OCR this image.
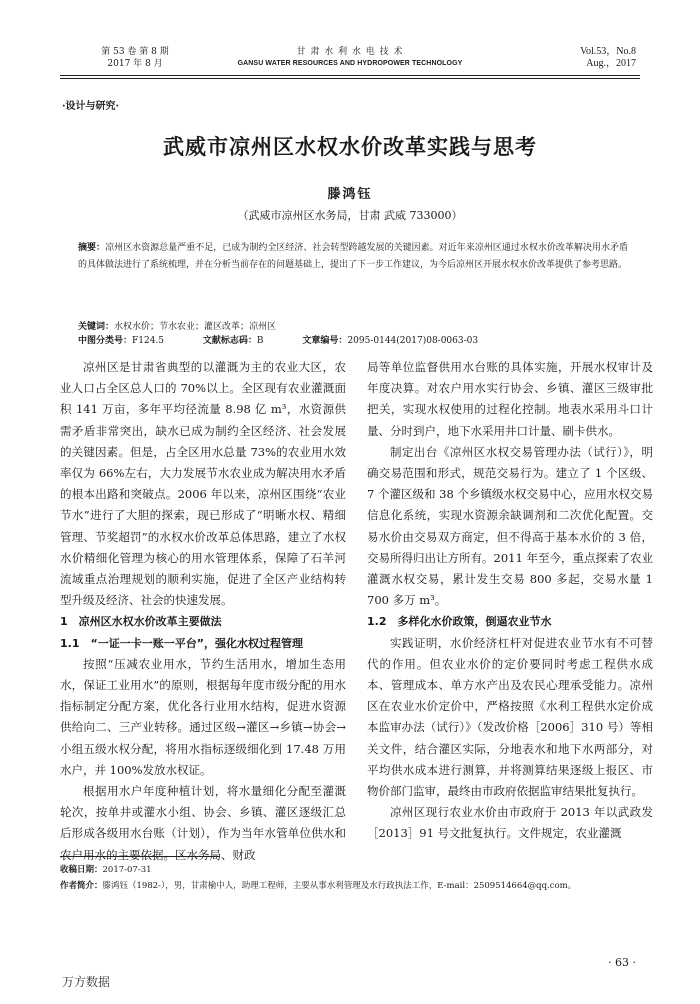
第 53 卷 第 8 期
2017 年 8 月
甘 肃 水 利 水 电 技 术
GANSU WATER RESOURCES AND HYDROPOWER TECHNOLOGY
Vol.53，No.8
Aug.，2017
·设计与研究·
武威市凉州区水权水价改革实践与思考
滕鸿钰
（武威市凉州区水务局，甘肃 武威 733000）

摘要：凉州区水资源总量严重不足，已成为制约全区经济、社会转型跨越发展的关键因素。对近年来凉州区通过水权水价改革解决用水矛盾的具体做法进行了系统梳理，并在分析当前存在的问题基础上，提出了下一步工作建议，为今后凉州区开展水权水价改革提供了参考思路。

关键词：水权水价；节水农业；灌区改革；凉州区
中图分类号：F124.5	文献标志码：B	文章编号：2095-0144(2017)08-0063-03

凉州区是甘肃省典型的以灌溉为主的农业大区，农业人口占全区总人口的 70%以上。全区现有农业灌溉面积 141 万亩，多年平均径流量 8.98 亿 m³，水资源供需矛盾非常突出，缺水已成为制约全区经济、社会发展的关键因素。但是，占全区用水总量 73%的农业用水效率仅为 66%左右，大力发展节水农业成为解决用水矛盾的根本出路和突破点。2006 年以来，凉州区围绕“农业节水”进行了大胆的探索，现已形成了“明晰水权、精细管理、节奖超罚”的水权水价改革总体思路，建立了水权水价精细化管理为核心的用水管理体系，保障了石羊河流域重点治理规划的顺利实施，促进了全区产业结构转型升级及经济、社会的快速发展。

1　凉州区水权水价改革主要做法

1.1　“一证一卡一账一平台”，强化水权过程管理

按照“压减农业用水，节约生活用水，增加生态用水，保证工业用水”的原则，根据每年度市级分配的用水指标制定分配方案，优化各行业用水结构，促进水资源供给向二、三产业转移。通过区级→灌区→乡镇→协会→小组五级水权分配，将用水指标逐级细化到 17.48 万用水户，并 100%发放水权证。

根据用水户年度种植计划，将水量细化分配至灌溉轮次，按单井或灌水小组、协会、乡镇、灌区逐级汇总后形成各级用水台账（计划），作为当年水管单位供水和农户用水的主要依据。区水务局、财政

局等单位监督供用水台账的具体实施，开展水权审计及年度决算。对农户用水实行协会、乡镇、灌区三级审批把关，实现水权使用的过程化控制。地表水采用斗口计量、分时到户，地下水采用井口计量、刷卡供水。

制定出台《凉州区水权交易管理办法（试行）》，明确交易范围和形式，规范交易行为。建立了 1 个区级、7 个灌区级和 38 个乡镇级水权交易中心，应用水权交易信息化系统，实现水资源余缺调剂和二次优化配置。交易水价由交易双方商定，但不得高于基本水价的 3 倍，交易所得归出让方所有。2011 年至今，重点探索了农业灌溉水权交易，累计发生交易 800 多起，交易水量 1 700 多万 m³。

1.2　多样化水价政策，倒逼农业节水

实践证明，水价经济杠杆对促进农业节水有不可替代的作用。但农业水价的定价要同时考虑工程供水成本、管理成本、单方水产出及农民心理承受能力。凉州区在农业水价定价中，严格按照《水利工程供水定价成本监审办法（试行）》（发改价格［2006］310 号）等相关文件，结合灌区实际，分地表水和地下水两部分，对平均供水成本进行测算，并将测算结果逐级上报区、市物价部门监审，最终由市政府依据监审结果批复执行。

凉州区现行农业水价由市政府于 2013 年以武政发［2013］91 号文批复执行。文件规定，农业灌溉

收稿日期：2017-07-31
作者简介：滕鸿钰（1982-），男，甘肃榆中人，助理工程师，主要从事水利管理及水行政执法工作，E-mail：2509514664@qq.com。
· 63 ·
万方数据
